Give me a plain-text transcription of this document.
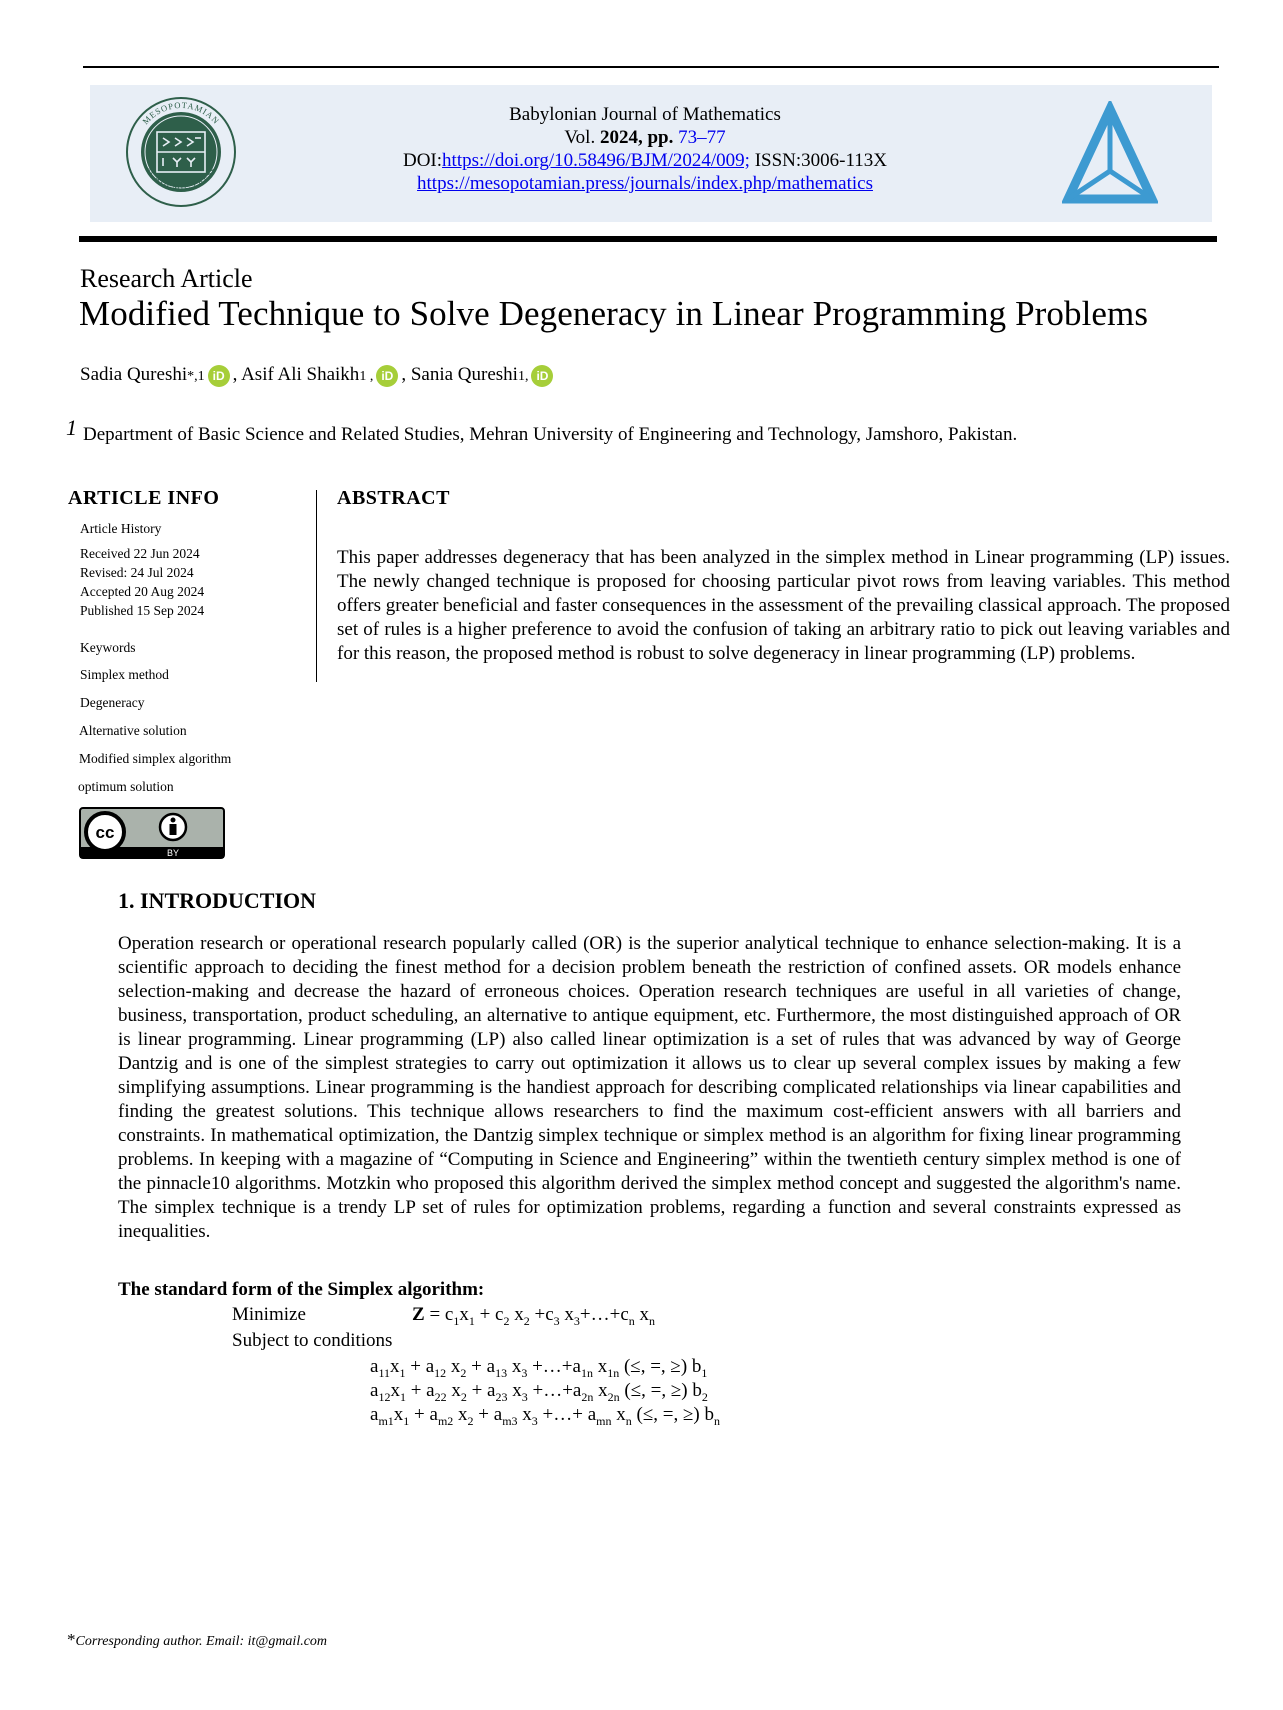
MESOPOTAMIAN
ACADEMIC PRESS
Babylonian Journal of Mathematics
Vol. 2024, pp. 73–77
DOI:https://doi.org/10.58496/BJM/2024/009; ISSN:3006-113X
https://mesopotamian.press/journals/index.php/mathematics
Research Article
Modified Technique to Solve Degeneracy in Linear Programming Problems
Sadia Qureshi *,1 iD , Asif Ali Shaikh 1 , iD , Sania Qureshi 1, iD
1 Department of Basic Science and Related Studies, Mehran University of Engineering and Technology, Jamshoro, Pakistan.
ARTICLE INFO
Article History
Received 22 Jun 2024
Revised: 24 Jul 2024
Accepted 20 Aug 2024
Published 15 Sep 2024
Keywords
Simplex method
Degeneracy
Alternative solution
Modified simplex algorithm
optimum solution
cc
BY
ABSTRACT
This paper addresses degeneracy that has been analyzed in the simplex method in Linear programming (LP) issues. The newly changed technique is proposed for choosing particular pivot rows from leaving variables. This method offers greater beneficial and faster consequences in the assessment of the prevailing classical approach. The proposed set of rules is a higher preference to avoid the confusion of taking an arbitrary ratio to pick out leaving variables and for this reason, the proposed method is robust to solve degeneracy in linear programming (LP) problems.
1. INTRODUCTION
Operation research or operational research popularly called (OR) is the superior analytical technique to enhance selection-making. It is a scientific approach to deciding the finest method for a decision problem beneath the restriction of confined assets. OR models enhance selection-making and decrease the hazard of erroneous choices. Operation research techniques are useful in all varieties of change, business, transportation, product scheduling, an alternative to antique equipment, etc. Furthermore, the most distinguished approach of OR is linear programming. Linear programming (LP) also called linear optimization is a set of rules that was advanced by way of George Dantzig and is one of the simplest strategies to carry out optimization it allows us to clear up several complex issues by making a few simplifying assumptions. Linear programming is the handiest approach for describing complicated relationships via linear capabilities and finding the greatest solutions. This technique allows researchers to find the maximum cost-efficient answers with all barriers and constraints. In mathematical optimization, the Dantzig simplex technique or simplex method is an algorithm for fixing linear programming problems. In keeping with a magazine of “Computing in Science and Engineering” within the twentieth century simplex method is one of the pinnacle10 algorithms. Motzkin who proposed this algorithm derived the simplex method concept and suggested the algorithm's name. The simplex technique is a trendy LP set of rules for optimization problems, regarding a function and several constraints expressed as inequalities.
The standard form of the Simplex algorithm:
Minimize	$Z = c_1x_1 + c_2$ $x_2 +c_3$ $x_3+\dots+c_n$ $x_n$
Subject to conditions
$a_{11}x_1 + a_{12}$ $x_2 + a_{13}$ $x_3$ $+\dots+a_{1n}$ $x_{1n}$ (≤, =, ≥) $b_1$
$a_{12}x_1 + a_{22}$ $x_2 + a_{23}$ $x_3$ $+\dots+a_{2n}$ $x_{2n}$ (≤, =, ≥) $b_2$
$a_{m1}x_1 + a_{m2}$ $x_2 + a_{m3}$ $x_3$ +…+ $a_{mn}$ $x_n$ (≤, =, ≥) $b_n$
*Corresponding author. Email: it@gmail.com
